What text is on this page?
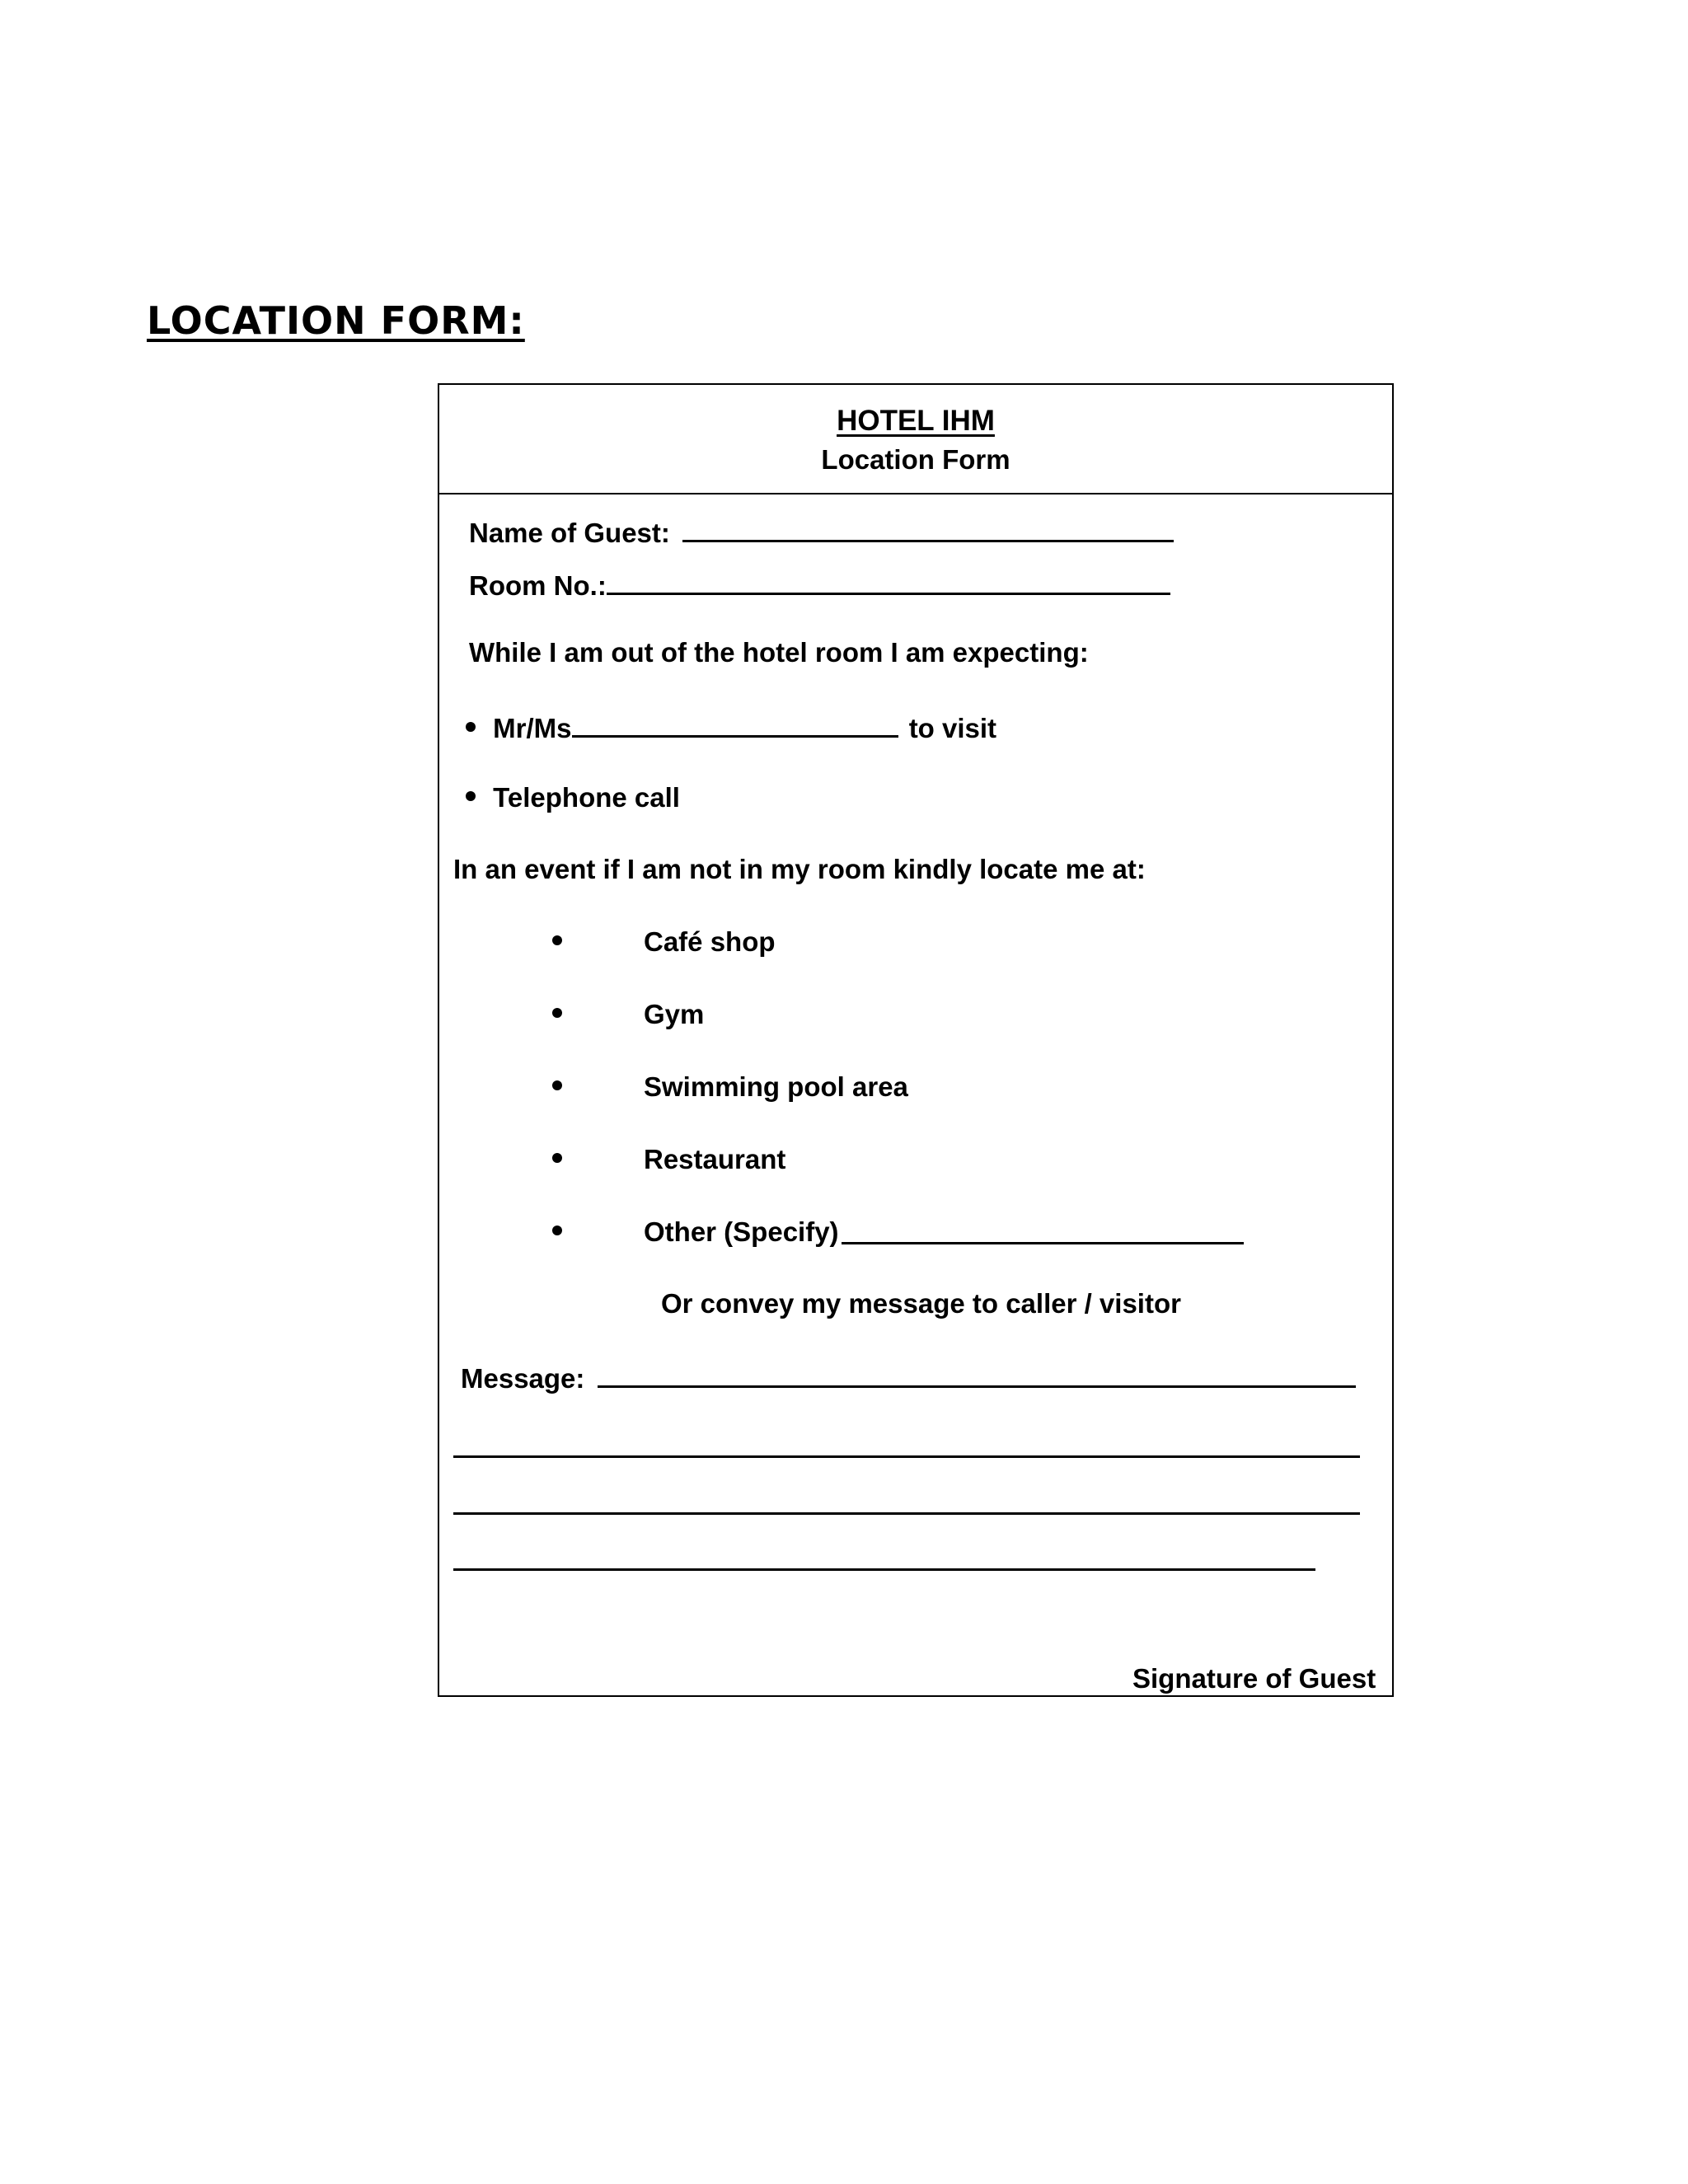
LOCATION FORM:
HOTEL IHM
Location Form
Name of Guest:
Room No.:
While I am out of the hotel room I am expecting:
Mr/Ms	to visit
Telephone call
In an event if I am not in my room kindly locate me at:
Café shop
Gym
Swimming pool area
Restaurant
Other (Specify)
Or convey my message to caller / visitor
Message:
Signature of Guest
